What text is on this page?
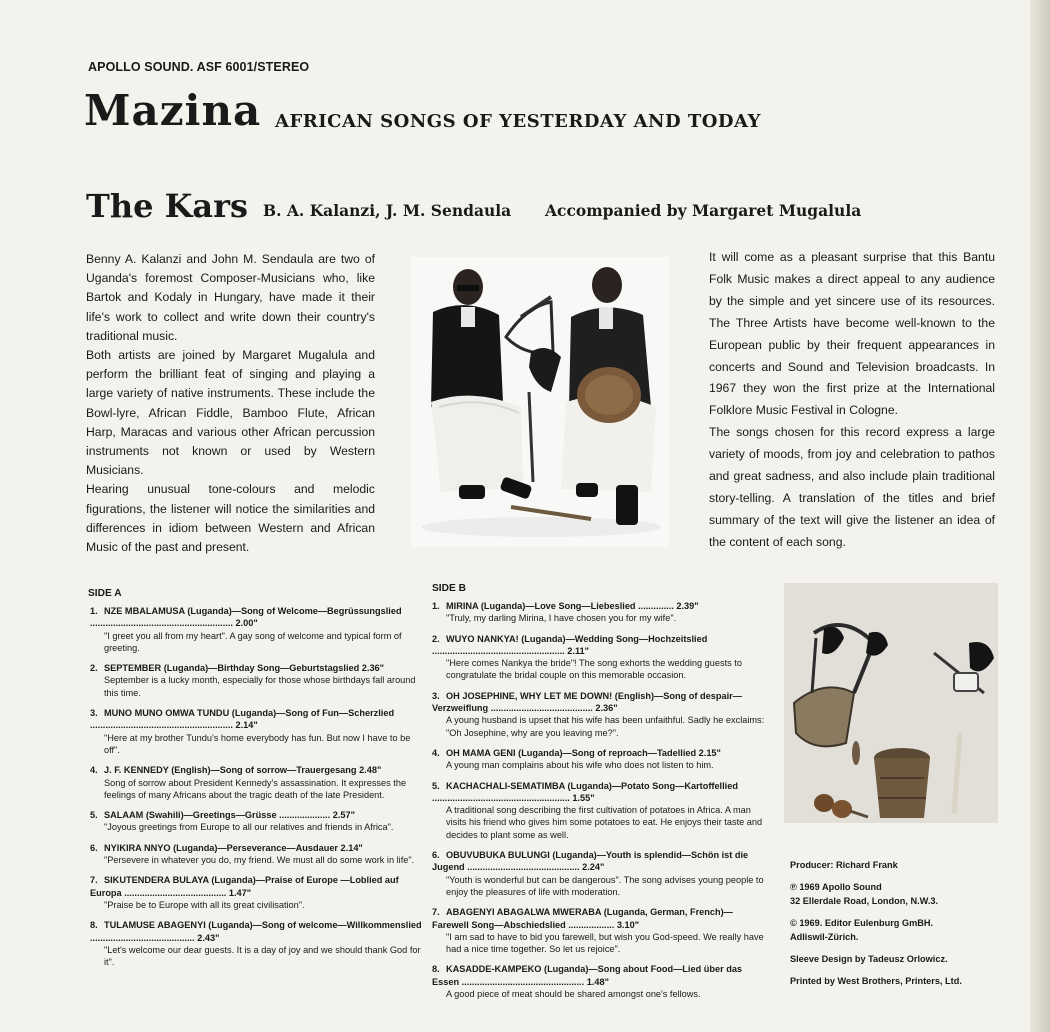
APOLLO SOUND. ASF 6001/STEREO
Mazina AFRICAN SONGS OF YESTERDAY AND TODAY
The Kars B. A. Kalanzi, J. M. Sendaula Accompanied by Margaret Mugalula

Benny A. Kalanzi and John M. Sendaula are two of Uganda's foremost Composer-Musicians who, like Bartok and Kodaly in Hungary, have made it their life's work to collect and write down their country's traditional music.

Both artists are joined by Margaret Mugalula and perform the brilliant feat of singing and playing a large variety of native instruments. These include the Bowl-lyre, African Fiddle, Bamboo Flute, African Harp, Maracas and various other African percussion instruments not known or used by Western Musicians.

Hearing unusual tone-colours and melodic figurations, the listener will notice the similarities and differences in idiom between Western and African Music of the past and present.

It will come as a pleasant surprise that this Bantu Folk Music makes a direct appeal to any audience by the simple and yet sincere use of its resources. The Three Artists have become well-known to the European public by their frequent appearances in concerts and Sound and Television broadcasts. In 1967 they won the first prize at the International Folklore Music Festival in Cologne.

The songs chosen for this record express a large variety of moods, from joy and celebration to pathos and great sadness, and also include plain traditional story-telling. A translation of the titles and brief summary of the text will give the listener an idea of the content of each song.

SIDE A
1. NZE MBALAMUSA (Luganda)—Song of Welcome—Begrüssungslied ........................................................ 2.00"
"I greet you all from my heart". A gay song of welcome and typical form of greeting.
2. SEPTEMBER (Luganda)—Birthday Song—Geburtstagslied 2.36"
September is a lucky month, especially for those whose birthdays fall around this time.
3. MUNO MUNO OMWA TUNDU (Luganda)—Song of Fun—Scherzlied ........................................................ 2.14"
"Here at my brother Tundu's home everybody has fun. But now I have to be off".
4. J. F. KENNEDY (English)—Song of sorrow—Trauergesang 2.48"
Song of sorrow about President Kennedy's assassination. It expresses the feelings of many Africans about the tragic death of the late President.
5. SALAAM (Swahili)—Greetings—Grüsse .................... 2.57"
"Joyous greetings from Europe to all our relatives and friends in Africa".
6. NYIKIRA NNYO (Luganda)—Perseverance—Ausdauer 2.14"
"Persevere in whatever you do, my friend. We must all do some work in life".
7. SIKUTENDERA BULAYA (Luganda)—Praise of Europe —Loblied auf Europa ........................................ 1.47"
"Praise be to Europe with all its great civilisation".
8. TULAMUSE ABAGENYI (Luganda)—Song of welcome—Willkommenslied ......................................... 2.43"
"Let's welcome our dear guests. It is a day of joy and we should thank God for it".
SIDE B
1. MIRINA (Luganda)—Love Song—Liebeslied .............. 2.39"
"Truly, my darling Mirina, I have chosen you for my wife".
2. WUYO NANKYA! (Luganda)—Wedding Song—Hochzeitslied .................................................... 2.11"
"Here comes Nankya the bride"! The song exhorts the wedding guests to congratulate the bridal couple on this memorable occasion.
3. OH JOSEPHINE, WHY LET ME DOWN! (English)—Song of despair—Verzweiflung ........................................ 2.36"
A young husband is upset that his wife has been unfaithful. Sadly he exclaims: "Oh Josephine, why are you leaving me?".
4. OH MAMA GENI (Luganda)—Song of reproach—Tadellied 2.15"
A young man complains about his wife who does not listen to him.
5. KACHACHALI-SEMATIMBA (Luganda)—Potato Song—Kartoffellied ...................................................... 1.55"
A traditional song describing the first cultivation of potatoes in Africa. A man visits his friend who gives him some potatoes to eat. He enjoys their taste and decides to plant some as well.
6. OBUVUBUKA BULUNGI (Luganda)—Youth is splendid—Schön ist die Jugend ............................................ 2.24"
"Youth is wonderful but can be dangerous". The song advises young people to enjoy the pleasures of life with moderation.
7. ABAGENYI ABAGALWA MWERABA (Luganda, German, French)—Farewell Song—Abschiedslied .................. 3.10"
"I am sad to have to bid you farewell, but wish you God-speed. We really have had a nice time together. So let us rejoice".
8. KASADDE-KAMPEKO (Luganda)—Song about Food—Lied über das Essen ................................................ 1.48"
A good piece of meat should be shared amongst one's fellows.

Producer: Richard Frank

℗ 1969 Apollo Sound

32 Ellerdale Road, London, N.W.3.

© 1969. Editor Eulenburg GmBH.

Adliswil-Zürich.

Sleeve Design by Tadeusz Orlowicz.

Printed by West Brothers, Printers, Ltd.
